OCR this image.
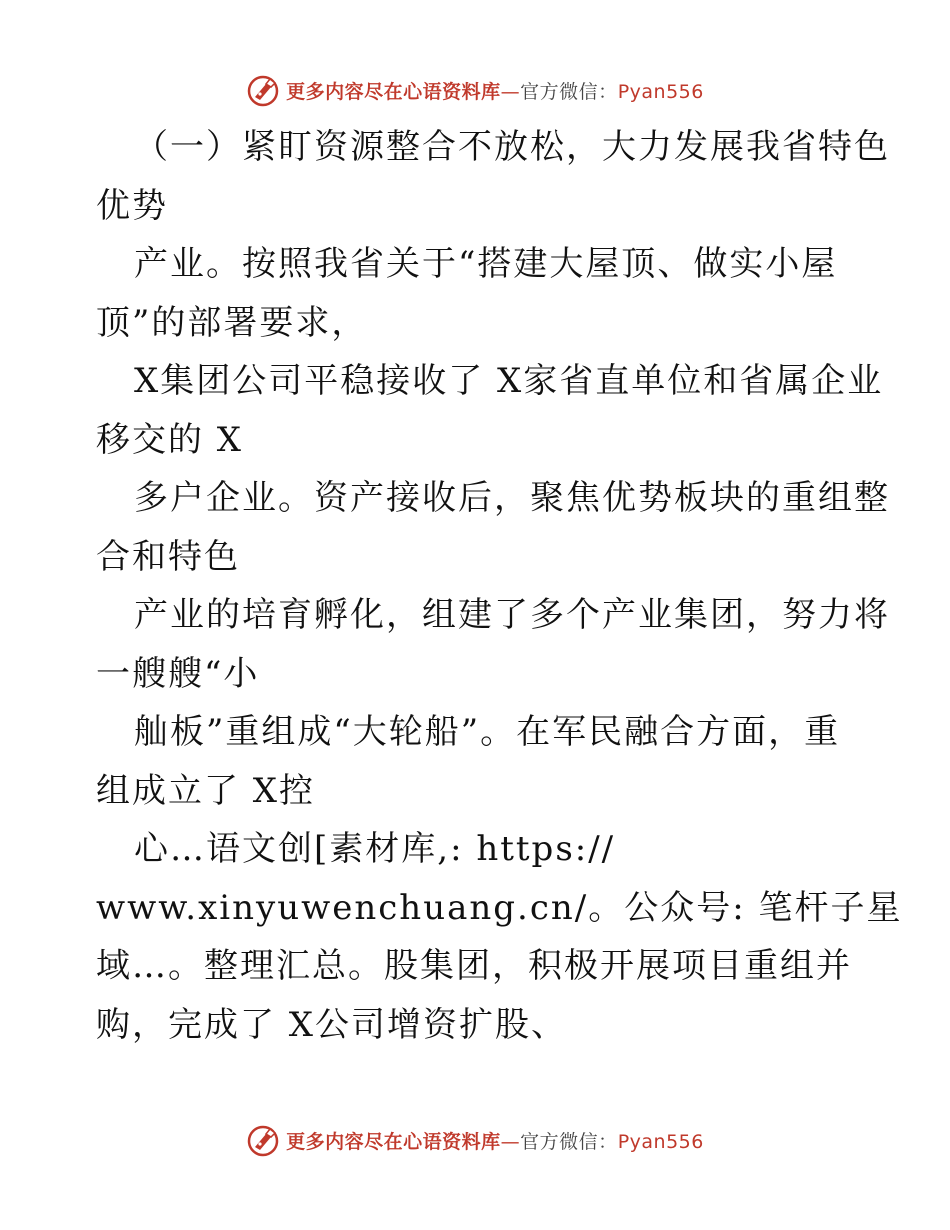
更多内容尽在心语资料库—官方微信：Pyan556
（一）紧盯资源整合不放松，大力发展我省特色
优势
产业。按照我省关于“搭建大屋顶、做实小屋
顶”的部署要求，
X集团公司平稳接收了 X家省直单位和省属企业
移交的 X
多户企业。资产接收后，聚焦优势板块的重组整
合和特色
产业的培育孵化，组建了多个产业集团，努力将
一艘艘“小
舢板”重组成“大轮船”。在军民融合方面，重
组成立了 X控
心…语文创[素材库,: https://
www.xinyuwenchuang.cn/。公众号: 笔杆子星
域…。整理汇总。股集团，积极开展项目重组并
购，完成了 X公司增资扩股、
更多内容尽在心语资料库—官方微信：Pyan556
